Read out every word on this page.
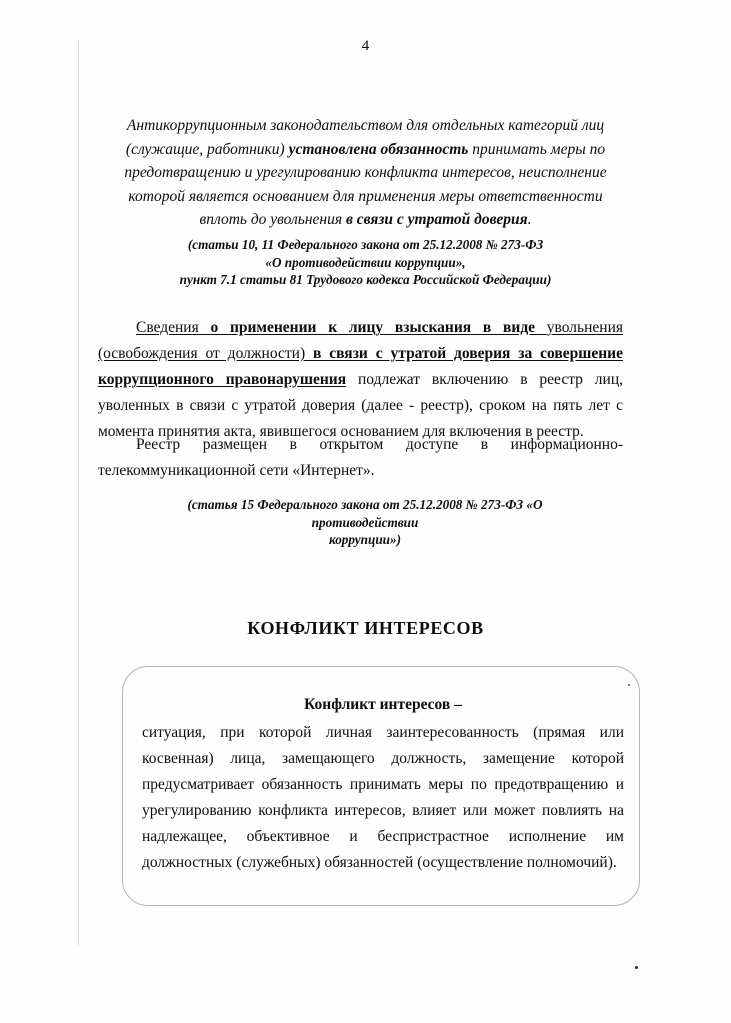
4
Антикоррупционным законодательством для отдельных категорий лиц (служащие, работники) установлена обязанность принимать меры по предотвращению и урегулированию конфликта интересов, неисполнение которой является основанием для применения меры ответственности вплоть до увольнения в связи с утратой доверия.
(статьи 10, 11 Федерального закона от 25.12.2008 № 273-ФЗ
«О противодействии коррупции»,
пункт 7.1 статьи 81 Трудового кодекса Российской Федерации)
Сведения о применении к лицу взыскания в виде увольнения (освобождения от должности) в связи с утратой доверия за совершение коррупционного правонарушения подлежат включению в реестр лиц, уволенных в связи с утратой доверия (далее - реестр), сроком на пять лет с момента принятия акта, явившегося основанием для включения в реестр.
Реестр размещен в открытом доступе в информационно-телекоммуникационной сети «Интернет».
(статья 15 Федерального закона от 25.12.2008 № 273-ФЗ «О противодействии
коррупции»)
КОНФЛИКТ ИНТЕРЕСОВ
Конфликт интересов –
ситуация, при которой личная заинтересованность (прямая или косвенная) лица, замещающего должность, замещение которой предусматривает обязанность принимать меры по предотвращению и урегулированию конфликта интересов, влияет или может повлиять на надлежащее, объективное и беспристрастное исполнение им должностных (служебных) обязанностей (осуществление полномочий).
